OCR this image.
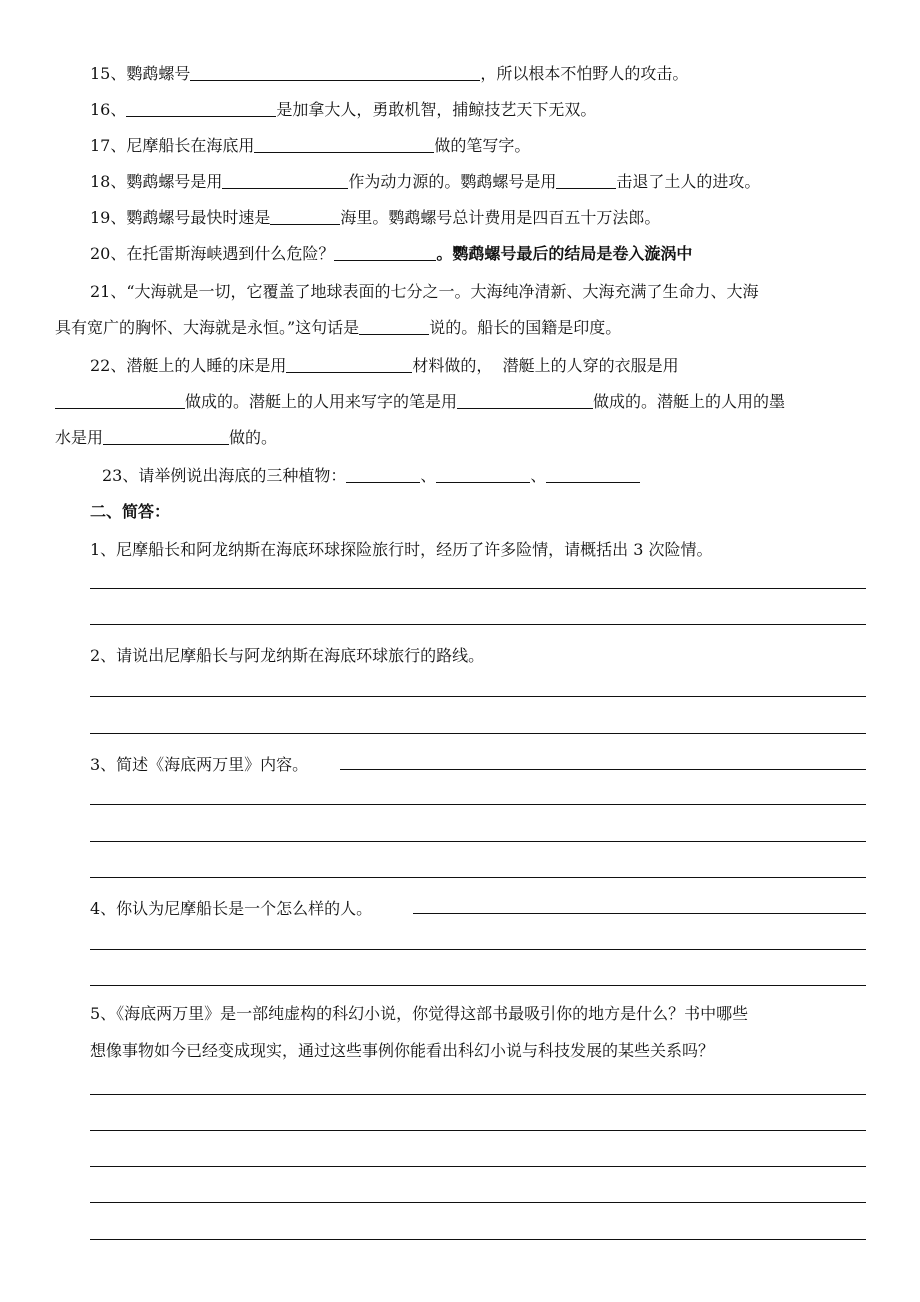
15、鹦鹉螺号	，所以根本不怕野人的攻击。
16、	是加拿大人，勇敢机智，捕鲸技艺天下无双。
17、尼摩船长在海底用	做的笔写字。
18、鹦鹉螺号是用	作为动力源的。鹦鹉螺号是用	击退了土人的进攻。
19、鹦鹉螺号最快时速是	海里。鹦鹉螺号总计费用是四百五十万法郎。
20、在托雷斯海峡遇到什么危险？	。鹦鹉螺号最后的结局是卷入漩涡中
21、“大海就是一切，它覆盖了地球表面的七分之一。大海纯净清新、大海充满了生命力、大海
具有宽广的胸怀、大海就是永恒。”这句话是	说的。船长的国籍是印度。
22、潜艇上的人睡的床是用	材料做的， 潜艇上的人穿的衣服是用
做成的。潜艇上的人用来写字的笔是用	做成的。潜艇上的人用的墨
水是用	做的。
23、请举例说出海底的三种植物：	、	、
二、简答：
1、尼摩船长和阿龙纳斯在海底环球探险旅行时，经历了许多险情，请概括出 3 次险情。
2、请说出尼摩船长与阿龙纳斯在海底环球旅行的路线。
3、简述《海底两万里》内容。
4、你认为尼摩船长是一个怎么样的人。
5、《海底两万里》是一部纯虚构的科幻小说，你觉得这部书最吸引你的地方是什么？书中哪些
想像事物如今已经变成现实，通过这些事例你能看出科幻小说与科技发展的某些关系吗？
